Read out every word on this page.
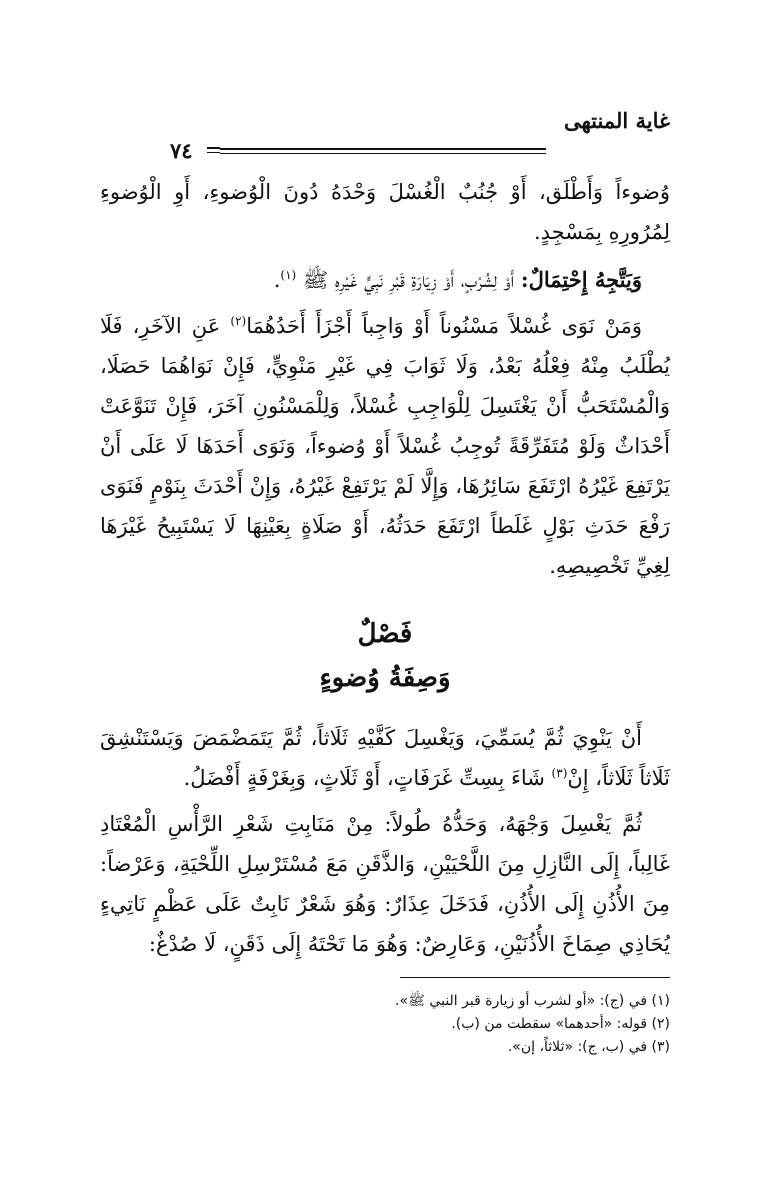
غاية المنتهى
٧٤

وُضوءاً وَأَطْلَق، أَوْ جُنُبٌ الْغُسْلَ وَحْدَهُ دُونَ الْوُضوءِ، أَوِ الْوُضوءِ لِمُرُورِهِ بِمَسْجِدٍ.

وَيَتَّجِهُ إِحْتِمَالٌ: أَوْ لِشُرْبٍ، أَوْ زِيَارَةِ قَبْرِ نَبِيٍّ غَيْرِهِ ﷺ $^{(١)}$.

وَمَنْ نَوَى غُسْلاً مَسْنُوناً أَوْ وَاجِباً أَجْزَأَ أَحَدُهُمَا$^{(٢)}$ عَنِ الآخَرِ، فَلَا يُطْلَبُ مِنْهُ فِعْلُهُ بَعْدُ، وَلَا ثَوَابَ فِي غَيْرِ مَنْوِيٍّ، فَإِنْ نَوَاهُمَا حَصَلَا، وَالْمُسْتَحَبُّ أَنْ يَغْتَسِلَ لِلْوَاجِبِ غُسْلاً، وَلِلْمَسْنُونِ آخَرَ، فَإِنْ تَنَوَّعَتْ أَحْدَاثٌ وَلَوْ مُتَفَرِّقَةً تُوجِبُ غُسْلاً أَوْ وُضوءاً، وَنَوَى أَحَدَهَا لَا عَلَى أَنْ يَرْتَفِعَ غَيْرُهُ ارْتَفَعَ سَائِرُهَا، وَإِلَّا لَمْ يَرْتَفِعْ غَيْرُهُ، وَإِنْ أَحْدَثَ بِنَوْمٍ فَنَوَى رَفْعَ حَدَثِ بَوْلٍ غَلَطاً ارْتَفَعَ حَدَثُهُ، أَوْ صَلَاةٍ بِعَيْنِهَا لَا يَسْتَبِيحُ غَيْرَهَا لِغِيِّ تَخْصِيصِهِ.

فَصْلٌ

وَصِفَةُ وُضوءٍ

أَنْ يَنْوِيَ ثُمَّ يُسَمِّيَ، وَيَغْسِلَ كَفَّيْهِ ثَلَاثاً، ثُمَّ يَتَمَضْمَضَ وَيَسْتَنْشِقَ ثَلَاثاً ثَلَاثاً، إِنْ$^{(٣)}$ شَاءَ بِسِتِّ غَرَفَاتٍ، أَوْ ثَلَاثٍ، وَبِغَرْفَةٍ أَفْضَلُ.

ثُمَّ يَغْسِلَ وَجْهَهُ، وَحَدُّهُ طُولاً: مِنْ مَنَابِتِ شَعْرِ الرَّأْسِ الْمُعْتَادِ غَالِباً، إِلَى النَّازِلِ مِنَ اللَّحْيَيْنِ، وَالذَّقَنِ مَعَ مُسْتَرْسِلِ اللِّحْيَةِ، وَعَرْضاً: مِنَ الأُذُنِ إِلَى الأُذُنِ، فَدَخَلَ عِذَارٌ: وَهُوَ شَعْرٌ نَابِتٌ عَلَى عَظْمٍ نَاتِيءٍ يُحَاذِي صِمَاخَ الأُذُنَيْنِ، وَعَارِضٌ: وَهُوَ مَا تَحْتَهُ إِلَى ذَقَنٍ، لَا صُدْغٌ:

(١) في (ج): «أو لشرب أو زيارة قبر النبي ﷺ».

(٢) قوله: «أحدهما» سقطت من (ب).

(٣) في (ب، ج): «ثلاثاً، إن».
